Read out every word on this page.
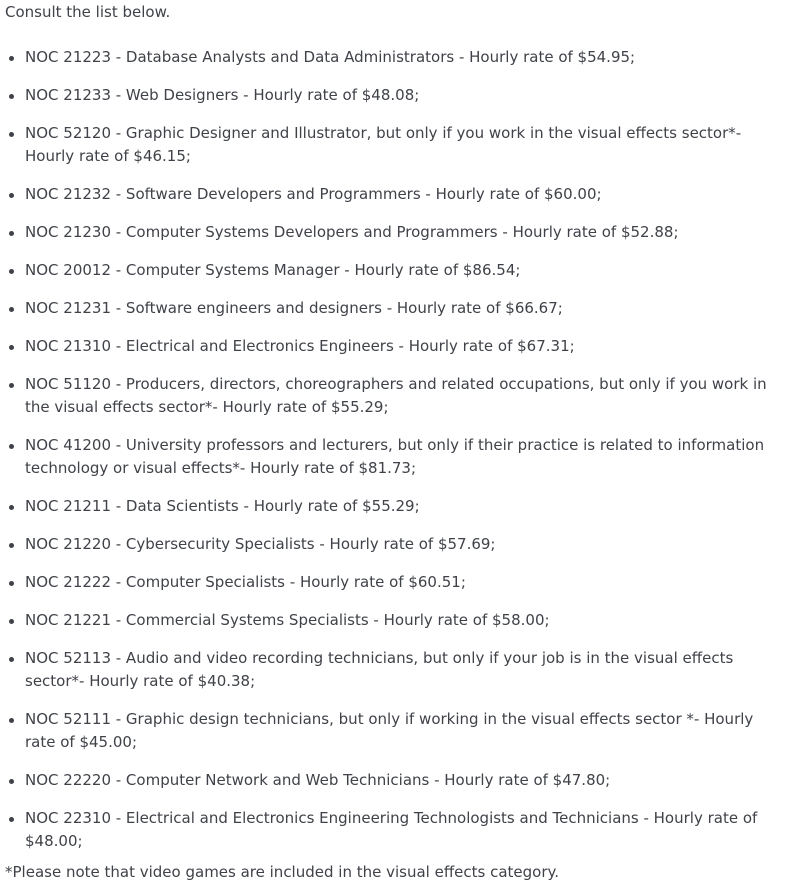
Consult the list below.

NOC 21223 - Database Analysts and Data Administrators - Hourly rate of $54.95;
NOC 21233 - Web Designers - Hourly rate of $48.08;
NOC 52120 - Graphic Designer and Illustrator, but only if you work in the visual effects sector*- Hourly rate of $46.15;
NOC 21232 - Software Developers and Programmers - Hourly rate of $60.00;
NOC 21230 - Computer Systems Developers and Programmers - Hourly rate of $52.88;
NOC 20012 - Computer Systems Manager - Hourly rate of $86.54;
NOC 21231 - Software engineers and designers - Hourly rate of $66.67;
NOC 21310 - Electrical and Electronics Engineers - Hourly rate of $67.31;
NOC 51120 - Producers, directors, choreographers and related occupations, but only if you work in the visual effects sector*- Hourly rate of $55.29;
NOC 41200 - University professors and lecturers, but only if their practice is related to information technology or visual effects*- Hourly rate of $81.73;
NOC 21211 - Data Scientists - Hourly rate of $55.29;
NOC 21220 - Cybersecurity Specialists - Hourly rate of $57.69;
NOC 21222 - Computer Specialists - Hourly rate of $60.51;
NOC 21221 - Commercial Systems Specialists - Hourly rate of $58.00;
NOC 52113 - Audio and video recording technicians, but only if your job is in the visual effects sector*- Hourly rate of $40.38;
NOC 52111 - Graphic design technicians, but only if working in the visual effects sector *- Hourly rate of $45.00;
NOC 22220 - Computer Network and Web Technicians - Hourly rate of $47.80;
NOC 22310 - Electrical and Electronics Engineering Technologists and Technicians - Hourly rate of $48.00;

*Please note that video games are included in the visual effects category.
